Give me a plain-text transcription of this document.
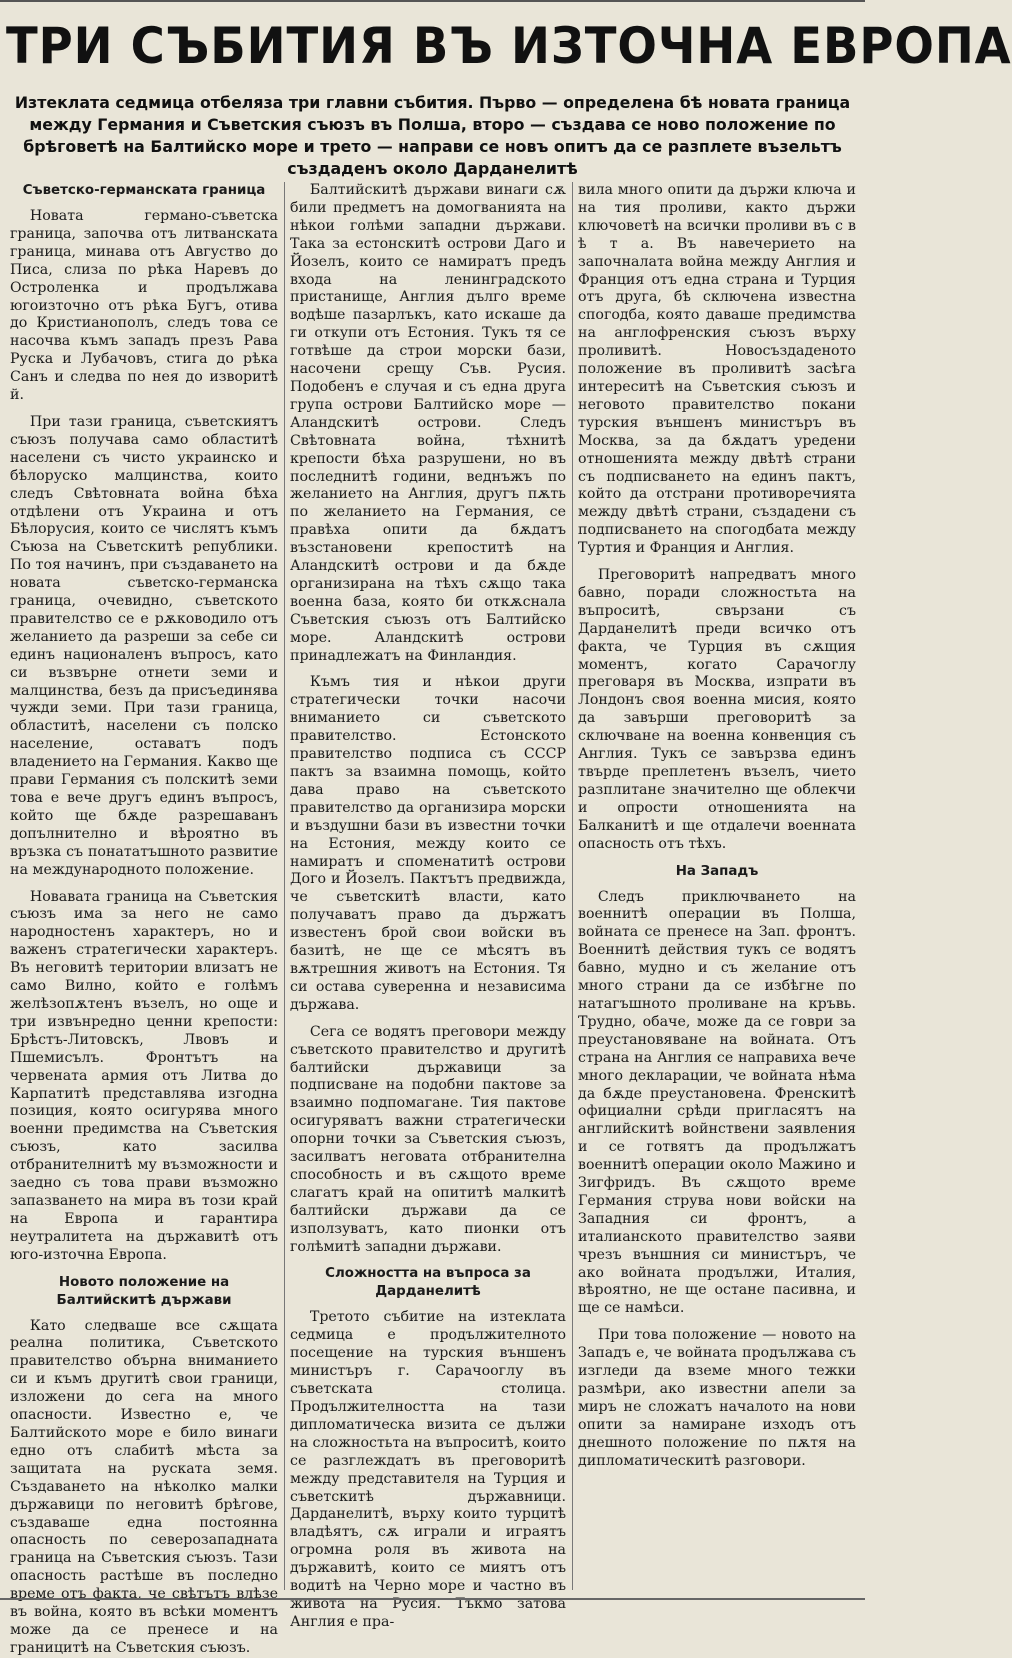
ТРИ СЪБИТИЯ ВЪ ИЗТОЧНА ЕВРОПА
Изтеклата седмица отбеляза три главни събития. Първо — определена бѣ новата граница между Германия и Съветския съюзъ въ Полша, второ — създава се ново положение по брѣговетѣ на Балтийско море и трето — направи се новъ опитъ да се разплете възельтъ създаденъ около Дарданелитѣ
Съветско-германската граница

Новата германо-съветска граница, започва отъ литванската граница, минава отъ Августво до Писа, слиза по рѣка Наревъ до Остроленка и продължава югоизточно отъ рѣка Бугъ, отива до Кристианополъ, следъ това се насочва къмъ западъ презъ Рава Руска и Лубачовъ, стига до рѣка Санъ и следва по нея до изворитѣ й.

При тази граница, съветскиятъ съюзъ получава само областитѣ населени съ чисто украинско и бѣлоруско малцинства, които следъ Свѣтовната война бѣха отдѣлени отъ Украина и отъ Бѣлорусия, които се числятъ къмъ Съюза на Съветскитѣ републики. По тоя начинъ, при създаването на новата съветско-германска граница, очевидно, съветското правителство се е рѫководило отъ желанието да разреши за себе си единъ националенъ въпросъ, като си възвърне отнети земи и малцинства, безъ да присъединява чужди земи. При тази граница, областитѣ, населени съ полско население, оставатъ подъ владението на Германия. Какво ще прави Германия съ полскитѣ земи това е вече другъ единъ въпросъ, който ще бѫде разрешаванъ допълнително и вѣроятно въ връзка съ понататъшното развитие на международното положение.

Новавата граница на Съветския съюзъ има за него не само народностенъ характеръ, но и важенъ стратегически характеръ. Въ неговитѣ територии влизатъ не само Вилно, който е голѣмъ желѣзопѫтенъ възелъ, но още и три извънредно ценни крепости: Брѣстъ-Литовскъ, Лвовъ и Пшемисълъ. Фронтътъ на червената армия отъ Литва до Карпатитѣ представлява изгодна позиция, която осигурява много военни предимства на Съветския съюзъ, като засилва отбранителнитѣ му възможности и заедно съ това прави възможно запазването на мира въ този край на Европа и гарантира неутралитета на държавитѣ отъ юго-източна Европа.

Новото положение на Балтийскитѣ държави

Като следваше все сѫщата реална политика, Съветското правителство обърна вниманието си и къмъ другитѣ свои граници, изложени до сега на много опасности. Известно е, че Балтийското море е било винаги едно отъ слабитѣ мѣста за защитата на руската земя. Създаването на нѣколко малки държавици по неговитѣ брѣгове, създаваше една постоянна опасность по северозападната граница на Съветския съюзъ. Тази опасность растѣше въ последно време отъ факта, че свѣтътъ влѣзе въ война, която въ всѣки моментъ може да се пренесе и на границитѣ на Съветския съюзъ.

Балтийскитѣ държави винаги сѫ били предметъ на домогванията на нѣкои голѣми западни държави. Така за естонскитѣ острови Даго и Йозелъ, които се намиратъ предъ входа на ленинградското пристанище, Англия дълго време водѣше пазарлъкъ, като искаше да ги откупи отъ Естония. Тукъ тя се готвѣше да строи морски бази, насочени срещу Съв. Русия. Подобенъ е случая и съ една друга група острови Балтийско море — Аландскитѣ острови. Следъ Свѣтовната война, тѣхнитѣ крепости бѣха разрушени, но въ последнитѣ години, веднъжъ по желанието на Англия, другъ пѫть по желанието на Германия, се правѣха опити да бѫдатъ възстановени крепоститѣ на Аландскитѣ острови и да бѫде организирана на тѣхъ сѫщо така военна база, която би откѫснала Съветския съюзъ отъ Балтийско море. Аландскитѣ острови принадлежатъ на Финландия.

Къмъ тия и нѣкои други стратегически точки насочи вниманието си съветското правителство. Естонското правителство подписа съ СССР пактъ за взаимна помощь, който дава право на съветското правителство да организира морски и въздушни бази въ известни точки на Естония, между които се намиратъ и споменатитѣ острови Дого и Йозелъ. Пактътъ предвижда, че съветскитѣ власти, като получаватъ право да държатъ известенъ брой свои войски въ базитѣ, не ще се мѣсятъ въ вѫтрешния животъ на Естония. Тя си остава суверенна и независима държава.

Сега се водятъ преговори между съветското правителство и другитѣ балтийски държавици за подписване на подобни пактове за взаимно подпомагане. Тия пактове осигуряватъ важни стратегически опорни точки за Съветския съюзъ, засилватъ неговата отбранителна способность и въ сѫщото време слагатъ край на опититѣ малкитѣ балтийски държави да се използуватъ, като пионки отъ голѣмитѣ западни държави.

Сложността на въпроса за Дарданелитѣ

Третото събитие на изтеклата седмица е продължителното посещение на турския външенъ министъръ г. Сарачооглу въ съветската столица. Продължителността на тази дипломатическа визита се дължи на сложностьта на въпроситѣ, които се разглеждатъ въ преговоритѣ между представителя на Турция и съветскитѣ държавници. Дарданелитѣ, върху които турцитѣ владѣятъ, сѫ играли и играятъ огромна роля въ живота на държавитѣ, които се миятъ отъ водитѣ на Черно море и частно въ живота на Русия. Тъкмо затова Англия е пра-

вила много опити да държи ключа и на тия проливи, както държи ключоветѣ на всички проливи въ с в ѣ т а. Въ навечерието на започналата война между Англия и Франция отъ една страна и Турция отъ друга, бѣ сключена известна спогодба, която даваше предимства на англофренския съюзъ върху проливитѣ. Новосъздаденото положение въ проливитѣ засѣга интереситѣ на Съветския съюзъ и неговото правителство покани турския външенъ министъръ въ Москва, за да бѫдатъ уредени отношенията между двѣтѣ страни съ подписването на единъ пактъ, който да отстрани противоречията между двѣтѣ страни, създадени съ подписването на спогодбата между Туртия и Франция и Англия.

Преговоритѣ напредватъ много бавно, поради сложностьта на въпроситѣ, свързани съ Дарданелитѣ преди всичко отъ факта, че Турция въ сѫщия моментъ, когато Сарачоглу преговаря въ Москва, изпрати въ Лондонъ своя военна мисия, която да завърши преговоритѣ за сключване на военна конвенция съ Англия. Тукъ се завързва единъ твърде преплетенъ възелъ, чието разплитане значително ще облекчи и опрости отношенията на Балканитѣ и ще отдалечи военната опасность отъ тѣхъ.

На Западъ

Следъ приключването на военнитѣ операции въ Полша, войната се пренесе на Зап. фронтъ. Военнитѣ действия тукъ се водятъ бавно, мудно и съ желание отъ много страни да се избѣгне по натагъшното проливане на кръвь. Трудно, обаче, може да се говри за преустановяване на войната. Отъ страна на Англия се направиха вече много декларации, че войната нѣма да бѫде преустановена. Френскитѣ официални срѣди пригласятъ на английскитѣ войнствени заявления и се готвятъ да продължатъ военнитѣ операции около Мажино и Зигфридъ. Въ сѫщото време Германия струва нови войски на Западния си фронтъ, а италианското правителство заяви чрезъ външния си министъръ, че ако войната продължи, Италия, вѣроятно, не ще остане пасивна, и ще се намѣси.

При това положение — новото на Западъ е, че войната продължава съ изгледи да вземе много тежки размѣри, ако известни апели за миръ не сложатъ началото на нови опити за намиране изходъ отъ днешното положение по пѫтя на дипломатическитѣ разговори.
